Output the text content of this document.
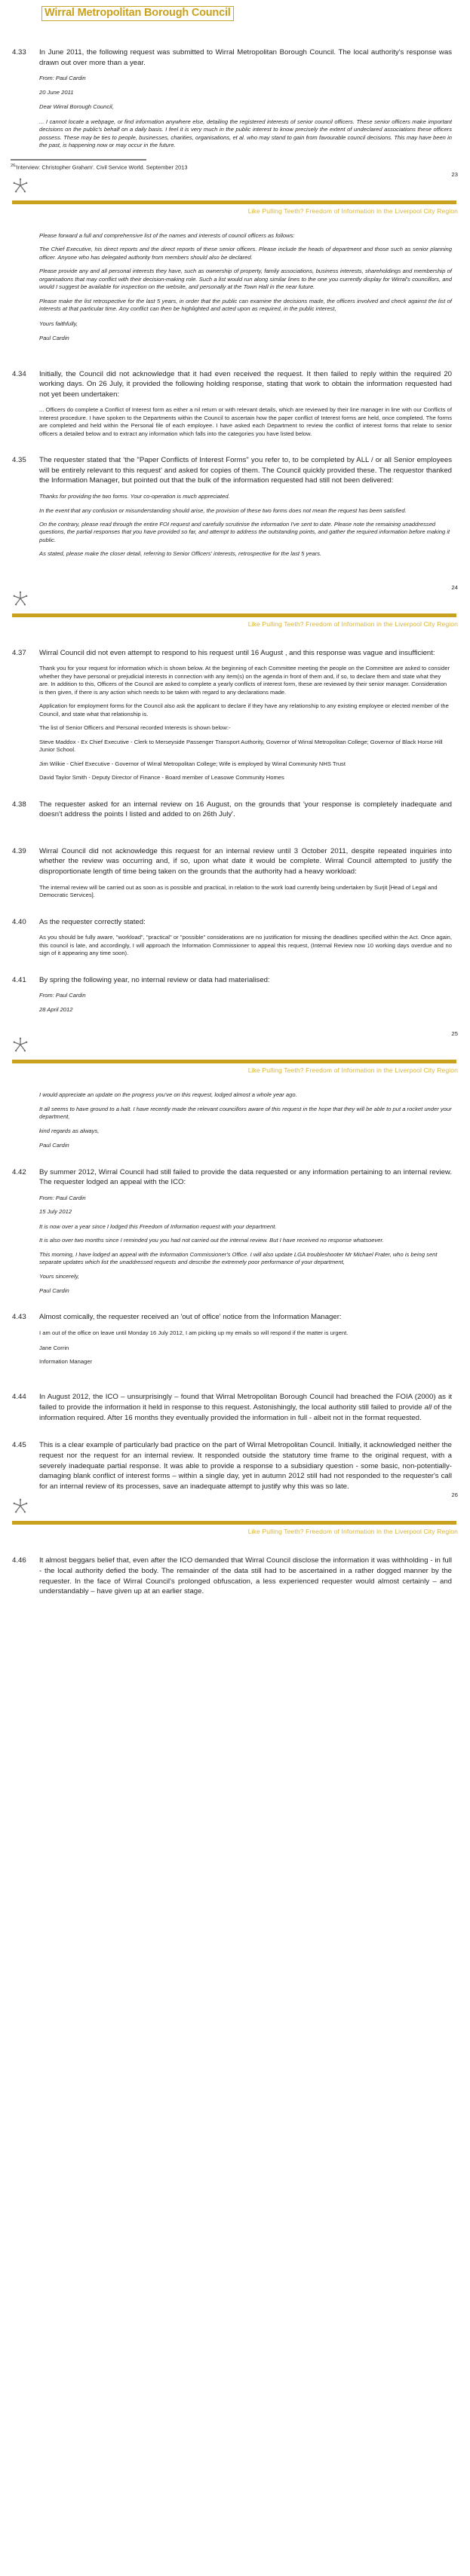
Wirral Metropolitan Borough Council
4.33	In June 2011, the following request was submitted to Wirral Metropolitan Borough Council. The local authority's response was drawn out over more than a year.

From: Paul Cardin

20 June 2011

Dear Wirral Borough Council,

... I cannot locate a webpage, or find information anywhere else, detailing the registered interests of senior council officers. These senior officers make important decisions on the public's behalf on a daily basis. I feel it is very much in the public interest to know precisely the extent of undeclared associations these officers possess. These may be ties to people, businesses, charities, organisations, et al. who may stand to gain from favourable council decisions. This may have been in the past, is happening now or may occur in the future.

$^{26}$'Interview: Christopher Graham'. Civil Service World. September 2013
23
Like Pulling Teeth? Freedom of Information in the Liverpool City Region

Please forward a full and comprehensive list of the names and interests of council officers as follows:

The Chief Executive, his direct reports and the direct reports of these senior officers. Please include the heads of department and those such as senior planning officer. Anyone who has delegated authority from members should also be declared.

Please provide any and all personal interests they have, such as ownership of property, family associations, business interests, shareholdings and membership of organisations that may conflict with their decision-making role. Such a list would run along similar lines to the one you currently display for Wirral's councillors, and would I suggest be available for inspection on the website, and personally at the Town Hall in the near future.

Please make the list retrospective for the last 5 years, in order that the public can examine the decisions made, the officers involved and check against the list of interests at that particular time. Any conflict can then be highlighted and acted upon as required, in the public interest,

Yours faithfully,

Paul Cardin

4.34	Initially, the Council did not acknowledge that it had even received the request. It then failed to reply within the required 20 working days. On 26 July, it provided the following holding response, stating that work to obtain the information requested had not yet been undertaken:

... Officers do complete a Conflict of Interest form as either a nil return or with relevant details, which are reviewed by their line manager in line with our Conflicts of Interest procedure. I have spoken to the Departments within the Council to ascertain how the paper conflict of Interest forms are held, once completed. The forms are completed and held within the Personal file of each employee. I have asked each Department to review the conflict of interest forms that relate to senior officers a detailed below and to extract any information which falls into the categories you have listed below.

4.35	The requester stated that 'the "Paper Conflicts of Interest Forms" you refer to, to be completed by ALL / or all Senior employees will be entirely relevant to this request' and asked for copies of them. The Council quickly provided these. The requestor thanked the Information Manager, but pointed out that the bulk of the information requested had still not been delivered:

Thanks for providing the two forms. Your co-operation is much appreciated.

In the event that any confusion or misunderstanding should arise, the provision of these two forms does not mean the request has been satisfied.

On the contrary, please read through the entire FOI request and carefully scrutinise the information I've sent to date. Please note the remaining unaddressed questions, the partial responses that you have provided so far, and attempt to address the outstanding points, and gather the required information before making it public.

As stated, please make the closer detail, referring to Senior Officers' interests, retrospective for the last 5 years.

24
Like Pulling Teeth? Freedom of Information in the Liverpool City Region
4.37	Wirral Council did not even attempt to respond to his request until 16 August , and this response was vague and insufficient:

Thank you for your request for information which is shown below. At the beginning of each Committee meeting the people on the Committee are asked to consider whether they have personal or prejudicial interests in connection with any item(s) on the agenda in front of them and, if so, to declare them and state what they are. In addition to this, Officers of the Council are asked to complete a yearly conflicts of interest form, these are reviewed by their senior manager. Consideration is then given, if there is any action which needs to be taken with regard to any declarations made.

Application for employment forms for the Council also ask the applicant to declare if they have any relationship to any existing employee or elected member of the Council, and state what that relationship is.

The list of Senior Officers and Personal recorded Interests is shown below:-

Steve Maddox - Ex Chief Executive - Clerk to Merseyside Passenger Transport Authority, Governor of Wirral Metropolitan College; Governor of Black Horse Hill Junior School.

Jim Wilkie - Chief Executive - Governor of Wirral Metropolitan College; Wife is employed by Wirral Community NHS Trust

David Taylor Smith - Deputy Director of Finance - Board member of Leasowe Community Homes

4.38	The requester asked for an internal review on 16 August, on the grounds that 'your response is completely inadequate and doesn't address the points I listed and added to on 26th July'.
4.39	Wirral Council did not acknowledge this request for an internal review until 3 October 2011, despite repeated inquiries into whether the review was occurring and, if so, upon what date it would be complete. Wirral Council attempted to justify the disproportionate length of time being taken on the grounds that the authority had a heavy workload:

The internal review will be carried out as soon as is possible and practical, in relation to the work load currently being undertaken by Surjit [Head of Legal and Democratic Services].

4.40	As the requester correctly stated:

As you should be fully aware, "workload", "practical" or "possible" considerations are no justification for missing the deadlines specified within the Act. Once again, this council is late, and accordingly, I will approach the Information Commissioner to appeal this request, (Internal Review now 10 working days overdue and no sign of it appearing any time soon).

4.41	By spring the following year, no internal review or data had materialised:

From: Paul Cardin

28 April 2012

25
Like Pulling Teeth? Freedom of Information in the Liverpool City Region

I would appreciate an update on the progress you've on this request, lodged almost a whole year ago.

It all seems to have ground to a halt. I have recently made the relevant councillors aware of this request in the hope that they will be able to put a rocket under your department,

kind regards as always,

Paul Cardin

4.42	By summer 2012, Wirral Council had still failed to provide the data requested or any information pertaining to an internal review. The requester lodged an appeal with the ICO:

From: Paul Cardin

15 July 2012

It is now over a year since I lodged this Freedom of Information request with your department.

It is also over two months since I reminded you you had not carried out the internal review. But I have received no response whatsoever.

This morning, I have lodged an appeal with the Information Commissioner's Office. I will also update LGA troubleshooter Mr Michael Frater, who is being sent separate updates which list the unaddressed requests and describe the extremely poor performance of your department,

Yours sincerely,

Paul Cardin

4.43	Almost comically, the requester received an 'out of office' notice from the Information Manager:

I am out of the office on leave until Monday 16 July 2012, I am picking up my emails so will respond if the matter is urgent.

Jane Corrin

Information Manager

4.44	In August 2012, the ICO – unsurprisingly – found that Wirral Metropolitan Borough Council had breached the FOIA (2000) as it failed to provide the information it held in response to this request. Astonishingly, the local authority still failed to provide all of the information required. After 16 months they eventually provided the information in full - albeit not in the format requested.
4.45	This is a clear example of particularly bad practice on the part of Wirral Metropolitan Council. Initially, it acknowledged neither the request nor the request for an internal review. It responded outside the statutory time frame to the original request, with a severely inadequate partial response. It was able to provide a response to a subsidiary question - some basic, non-potentially-damaging blank conflict of interest forms – within a single day, yet in autumn 2012 still had not responded to the requester's call for an internal review of its processes, save an inadequate attempt to justify why this was so late.
26
Like Pulling Teeth? Freedom of Information in the Liverpool City Region
4.46	It almost beggars belief that, even after the ICO demanded that Wirral Council disclose the information it was withholding - in full - the local authority defied the body. The remainder of the data still had to be ascertained in a rather dogged manner by the requester. In the face of Wirral Council's prolonged obfuscation, a less experienced requester would almost certainly – and understandably – have given up at an earlier stage.
